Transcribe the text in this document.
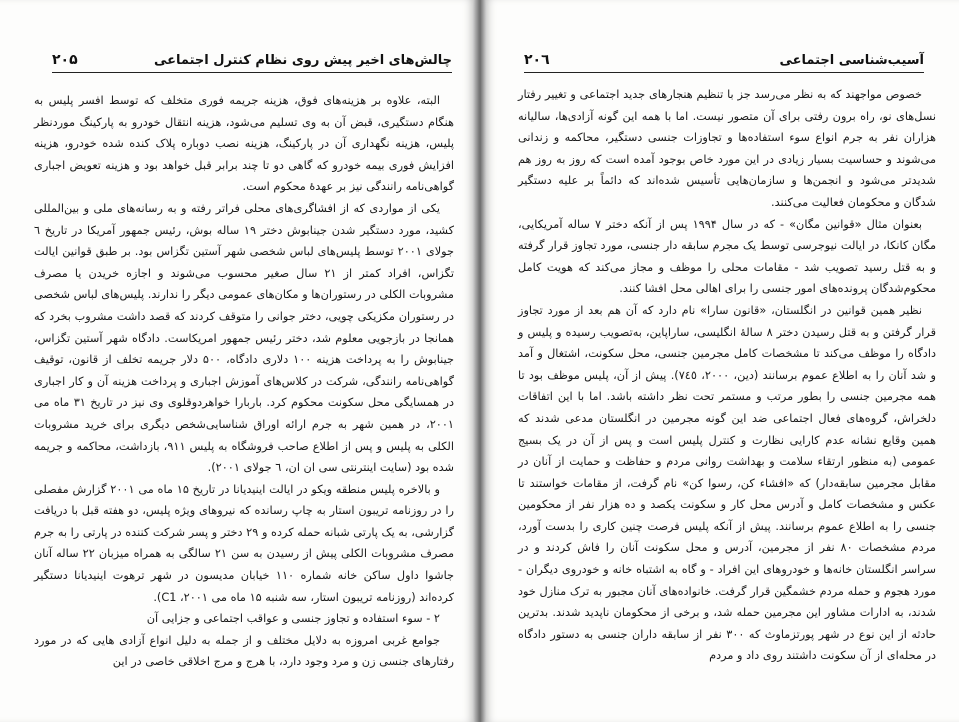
چالش‌های اخیر پیش روی نظام کنترل اجتماعی
۲۰۵

البته، علاوه بر هزینه‌های فوق، هزینه جریمه فوری متخلف که توسط افسر پلیس به هنگام دستگیری، قبض آن به وی تسلیم می‌شود، هزینه انتقال خودرو به پارکینگ موردنظر پلیس، هزینه نگهداری آن در پارکینگ، هزینه نصب دوباره پلاک کنده شده خودرو، هزینه افزایش فوری بیمه خودرو که گاهی دو تا چند برابر قبل خواهد بود و هزینه تعویض اجباری گواهی‌نامه رانندگی نیز بر عهدهٔ محکوم است.

یکی از مواردی که از افشاگری‌های محلی فراتر رفته و به رسانه‌های ملی و بین‌المللی کشید، مورد دستگیر شدن جینابوش دختر ۱۹ ساله بوش، رئیس جمهور آمریکا در تاریخ ٦ جولای ۲۰۰۱ توسط پلیس‌های لباس شخصی شهر آستین تگزاس بود. بر طبق قوانین ایالت تگزاس، افراد کمتر از ۲۱ سال صغیر محسوب می‌شوند و اجازه خریدن یا مصرف مشروبات الکلی در رستوران‌ها و مکان‌های عمومی دیگر را ندارند. پلیس‌های لباس شخصی در رستوران مکزیکی چویی، دختر جوانی را متوقف کردند که قصد داشت مشروب بخرد که همانجا در بازجویی معلوم شد، دختر رئیس جمهور امریکاست. دادگاه شهر آستین تگزاس، جینابوش را به پرداخت هزینه ۱۰۰ دلاری دادگاه، ۵۰۰ دلار جریمه تخلف از قانون، توقیف گواهی‌نامه رانندگی، شرکت در کلاس‌های آموزش اجباری و پرداخت هزینه آن و کار اجباری در همسایگی محل سکونت محکوم کرد. باربارا خواهردوقلوی وی نیز در تاریخ ۳۱ ماه می ۲۰۰۱، در همین شهر به جرم ارائه اوراق شناسایی‌شخص دیگری برای خرید مشروبات الکلی به پلیس و پس از اطلاع صاحب فروشگاه به پلیس ۹۱۱، بازداشت، محاکمه و جریمه شده بود (سایت اینترنتی سی ان ان، ٦ جولای ۲۰۰۱).

و بالاخره پلیس منطقه ویکو در ایالت اینیدیانا در تاریخ ۱۵ ماه می ۲۰۰۱ گزارش مفصلی را در روزنامه تریبون استار به چاپ رسانده که نیروهای ویژه پلیس، دو هفته قبل با دریافت گزارشی، به یک پارتی شبانه حمله کرده و ۲۹ دختر و پسر شرکت کننده در پارتی را به جرم مصرف مشروبات الکلی پیش از رسیدن به سن ۲۱ سالگی به همراه میزبان ۲۲ ساله آنان جاشوا داول ساکن خانه شماره ۱۱۰ خیابان مدیسون در شهر ترهوت اینیدیانا دستگیر کرده‌اند (روزنامه تریبون استار، سه شنبه ۱۵ ماه می ۲۰۰۱، C1).

۲ - سوء استفاده و تجاوز جنسی و عواقب اجتماعی و جزایی آن

جوامع غربی امروزه به دلایل مختلف و از جمله به دلیل انواع آزادی هایی که در مورد رفتارهای جنسی زن و مرد وجود دارد، با هرج و مرج اخلاقی خاصی در این

آسیب‌شناسی اجتماعی
۲۰٦

خصوص مواجهند که به نظر می‌رسد جز با تنظیم هنجارهای جدید اجتماعی و تغییر رفتار نسل‌های نو، راه برون رفتی برای آن متصور نیست. اما با همه این گونه آزادی‌ها، سالیانه هزاران نفر به جرم انواع سوء استفاده‌ها و تجاوزات جنسی دستگیر، محاکمه و زندانی می‌شوند و حساسیت بسیار زیادی در این مورد خاص بوجود آمده است که روز به روز هم شدیدتر می‌شود و انجمن‌ها و سازمان‌هایی تأسیس شده‌اند که دائماً بر علیه دستگیر شدگان و محکومان فعالیت می‌کنند.

بعنوان مثال «قوانین مگان» - که در سال ۱۹۹۴ پس از آنکه دختر ۷ ساله آمریکایی، مگان کانکا، در ایالت نیوجرسی توسط یک مجرم سابقه دار جنسی، مورد تجاوز قرار گرفته و به قتل رسید تصویب شد - مقامات محلی را موظف و مجاز می‌کند که هویت کامل محکوم‌شدگان پرونده‌های امور جنسی را برای اهالی محل افشا کنند.

نظیر همین قوانین در انگلستان، «قانون سارا» نام دارد که آن هم بعد از مورد تجاوز قرار گرفتن و به قتل رسیدن دختر ۸ سالهٔ انگلیسی، سارا‌پاین، به‌تصویب رسیده و پلیس و دادگاه را موظف می‌کند تا مشخصات کامل مجرمین جنسی، محل سکونت، اشتغال و آمد و شد آنان را به اطلاع عموم برسانند (دین، ۲۰۰۰، ۷٤٥). پیش از آن، پلیس موظف بود تا همه مجرمین جنسی را بطور مرتب و مستمر تحت نظر داشته باشد. اما با این اتفاقات دلخراش، گروه‌های فعال اجتماعی ضد این گونه مجرمین در انگلستان مدعی شدند که همین وقایع نشانه عدم کارایی نظارت و کنترل پلیس است و پس از آن در یک بسیج عمومی (به منظور ارتقاء سلامت و بهداشت روانی مردم و حفاظت و حمایت از آنان در مقابل مجرمین سابقه‌دار) که «افشاء کن، رسوا کن» نام گرفت، از مقامات خواستند تا عکس و مشخصات کامل و آدرس محل کار و سکونت یکصد و ده هزار نفر از محکومین جنسی را به اطلاع عموم برسانند. پیش از آنکه پلیس فرصت چنین کاری را بدست آورد، مردم مشخصات ۸۰ نفر از مجرمین، آدرس و محل سکونت آنان را فاش کردند و در سراسر انگلستان خانه‌ها و خودروهای این افراد - و گاه به اشتباه خانه و خودروی دیگران - مورد هجوم و حمله مردم خشمگین قرار گرفت. خانواده‌های آنان مجبور به ترک منازل خود شدند، به ادارات مشاور این مجرمین حمله شد، و برخی از محکومان ناپدید شدند. بدترین حادثه از این نوع در شهر پورتزماوث که ۳۰۰ نفر از سابقه داران جنسی به دستور دادگاه در محله‌ای از آن سکونت داشتند روی داد و مردم
